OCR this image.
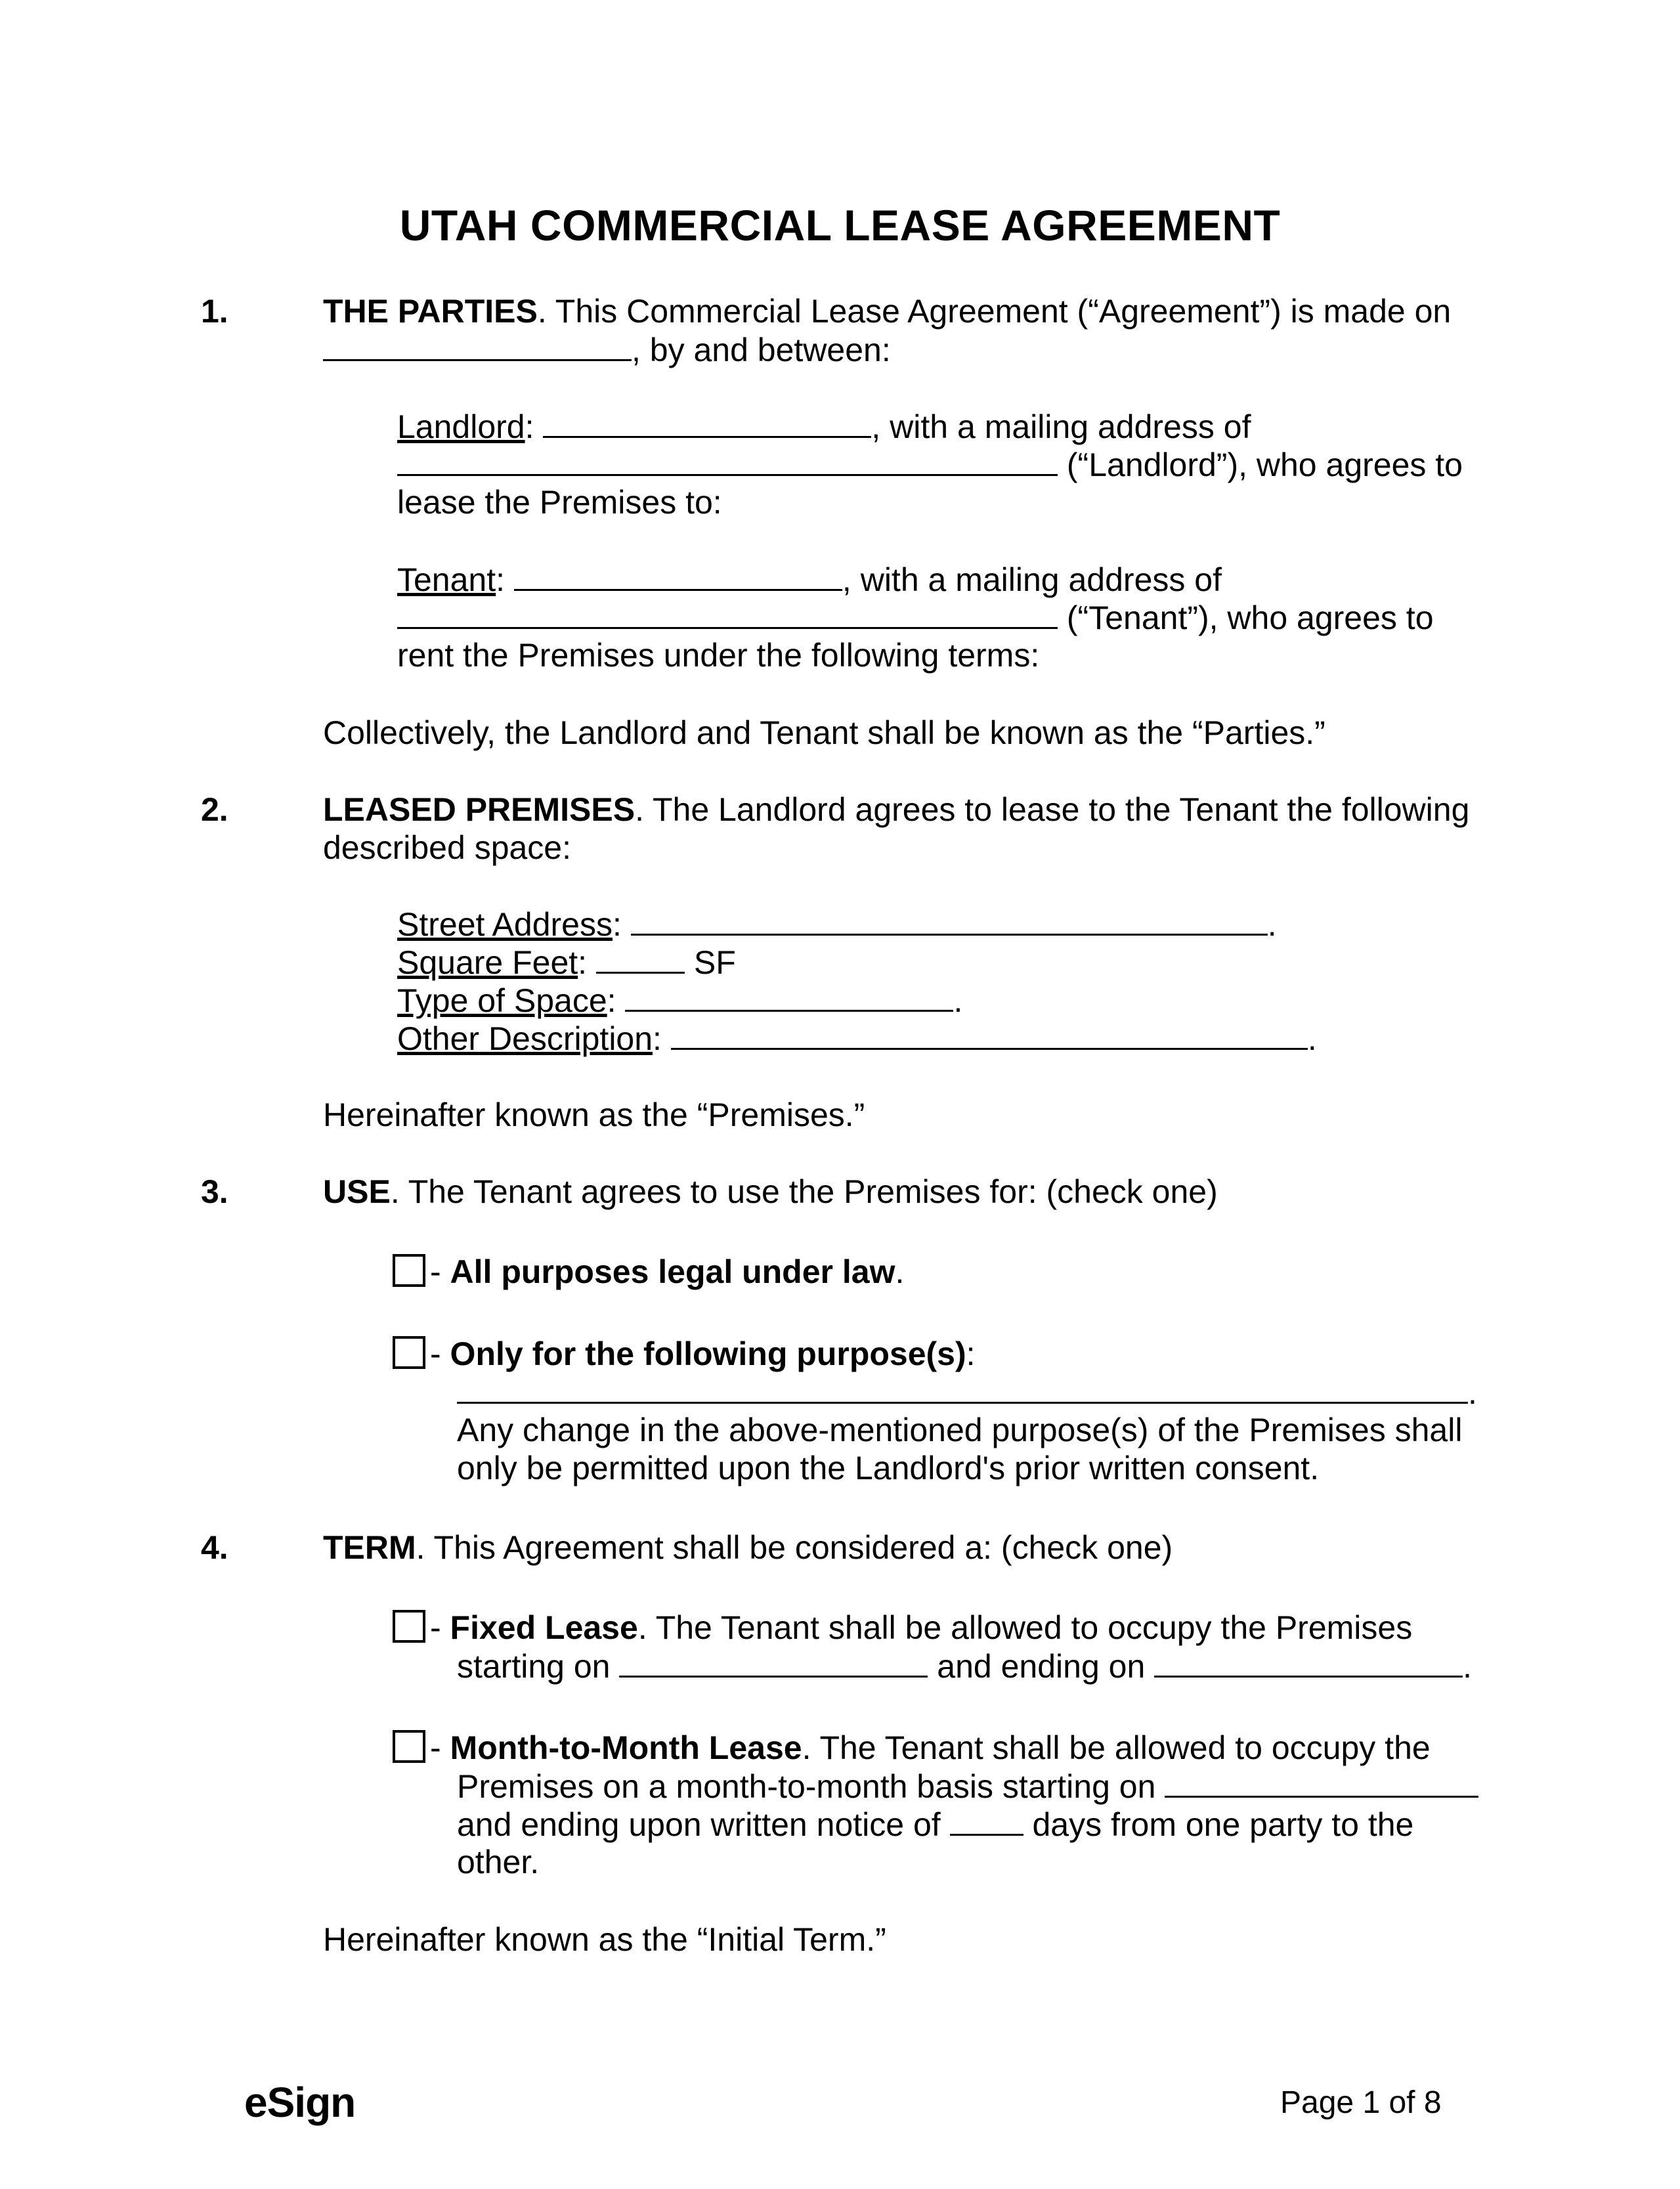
UTAH COMMERCIAL LEASE AGREEMENT
1.	THE PARTIES. This Commercial Lease Agreement (“Agreement”) is made on
, by and between:
Landlord:	, with a mailing address of
(“Landlord”), who agrees to
lease the Premises to:
Tenant:	, with a mailing address of
(“Tenant”), who agrees to
rent the Premises under the following terms:
Collectively, the Landlord and Tenant shall be known as the “Parties.”
2.	LEASED PREMISES. The Landlord agrees to lease to the Tenant the following
described space:
Street Address:	.
Square Feet:	SF
Type of Space:	.
Other Description:	.
Hereinafter known as the “Premises.”
3.	USE. The Tenant agrees to use the Premises for: (check one)
- All purposes legal under law.
- Only for the following purpose(s):
.
Any change in the above-mentioned purpose(s) of the Premises shall
only be permitted upon the Landlord's prior written consent.
4.	TERM. This Agreement shall be considered a: (check one)
- Fixed Lease. The Tenant shall be allowed to occupy the Premises
starting on	and ending on	.
- Month-to-Month Lease. The Tenant shall be allowed to occupy the
Premises on a month-to-month basis starting on
and ending upon written notice of	days from one party to the
other.
Hereinafter known as the “Initial Term.”
eSign	Page 1 of 8
